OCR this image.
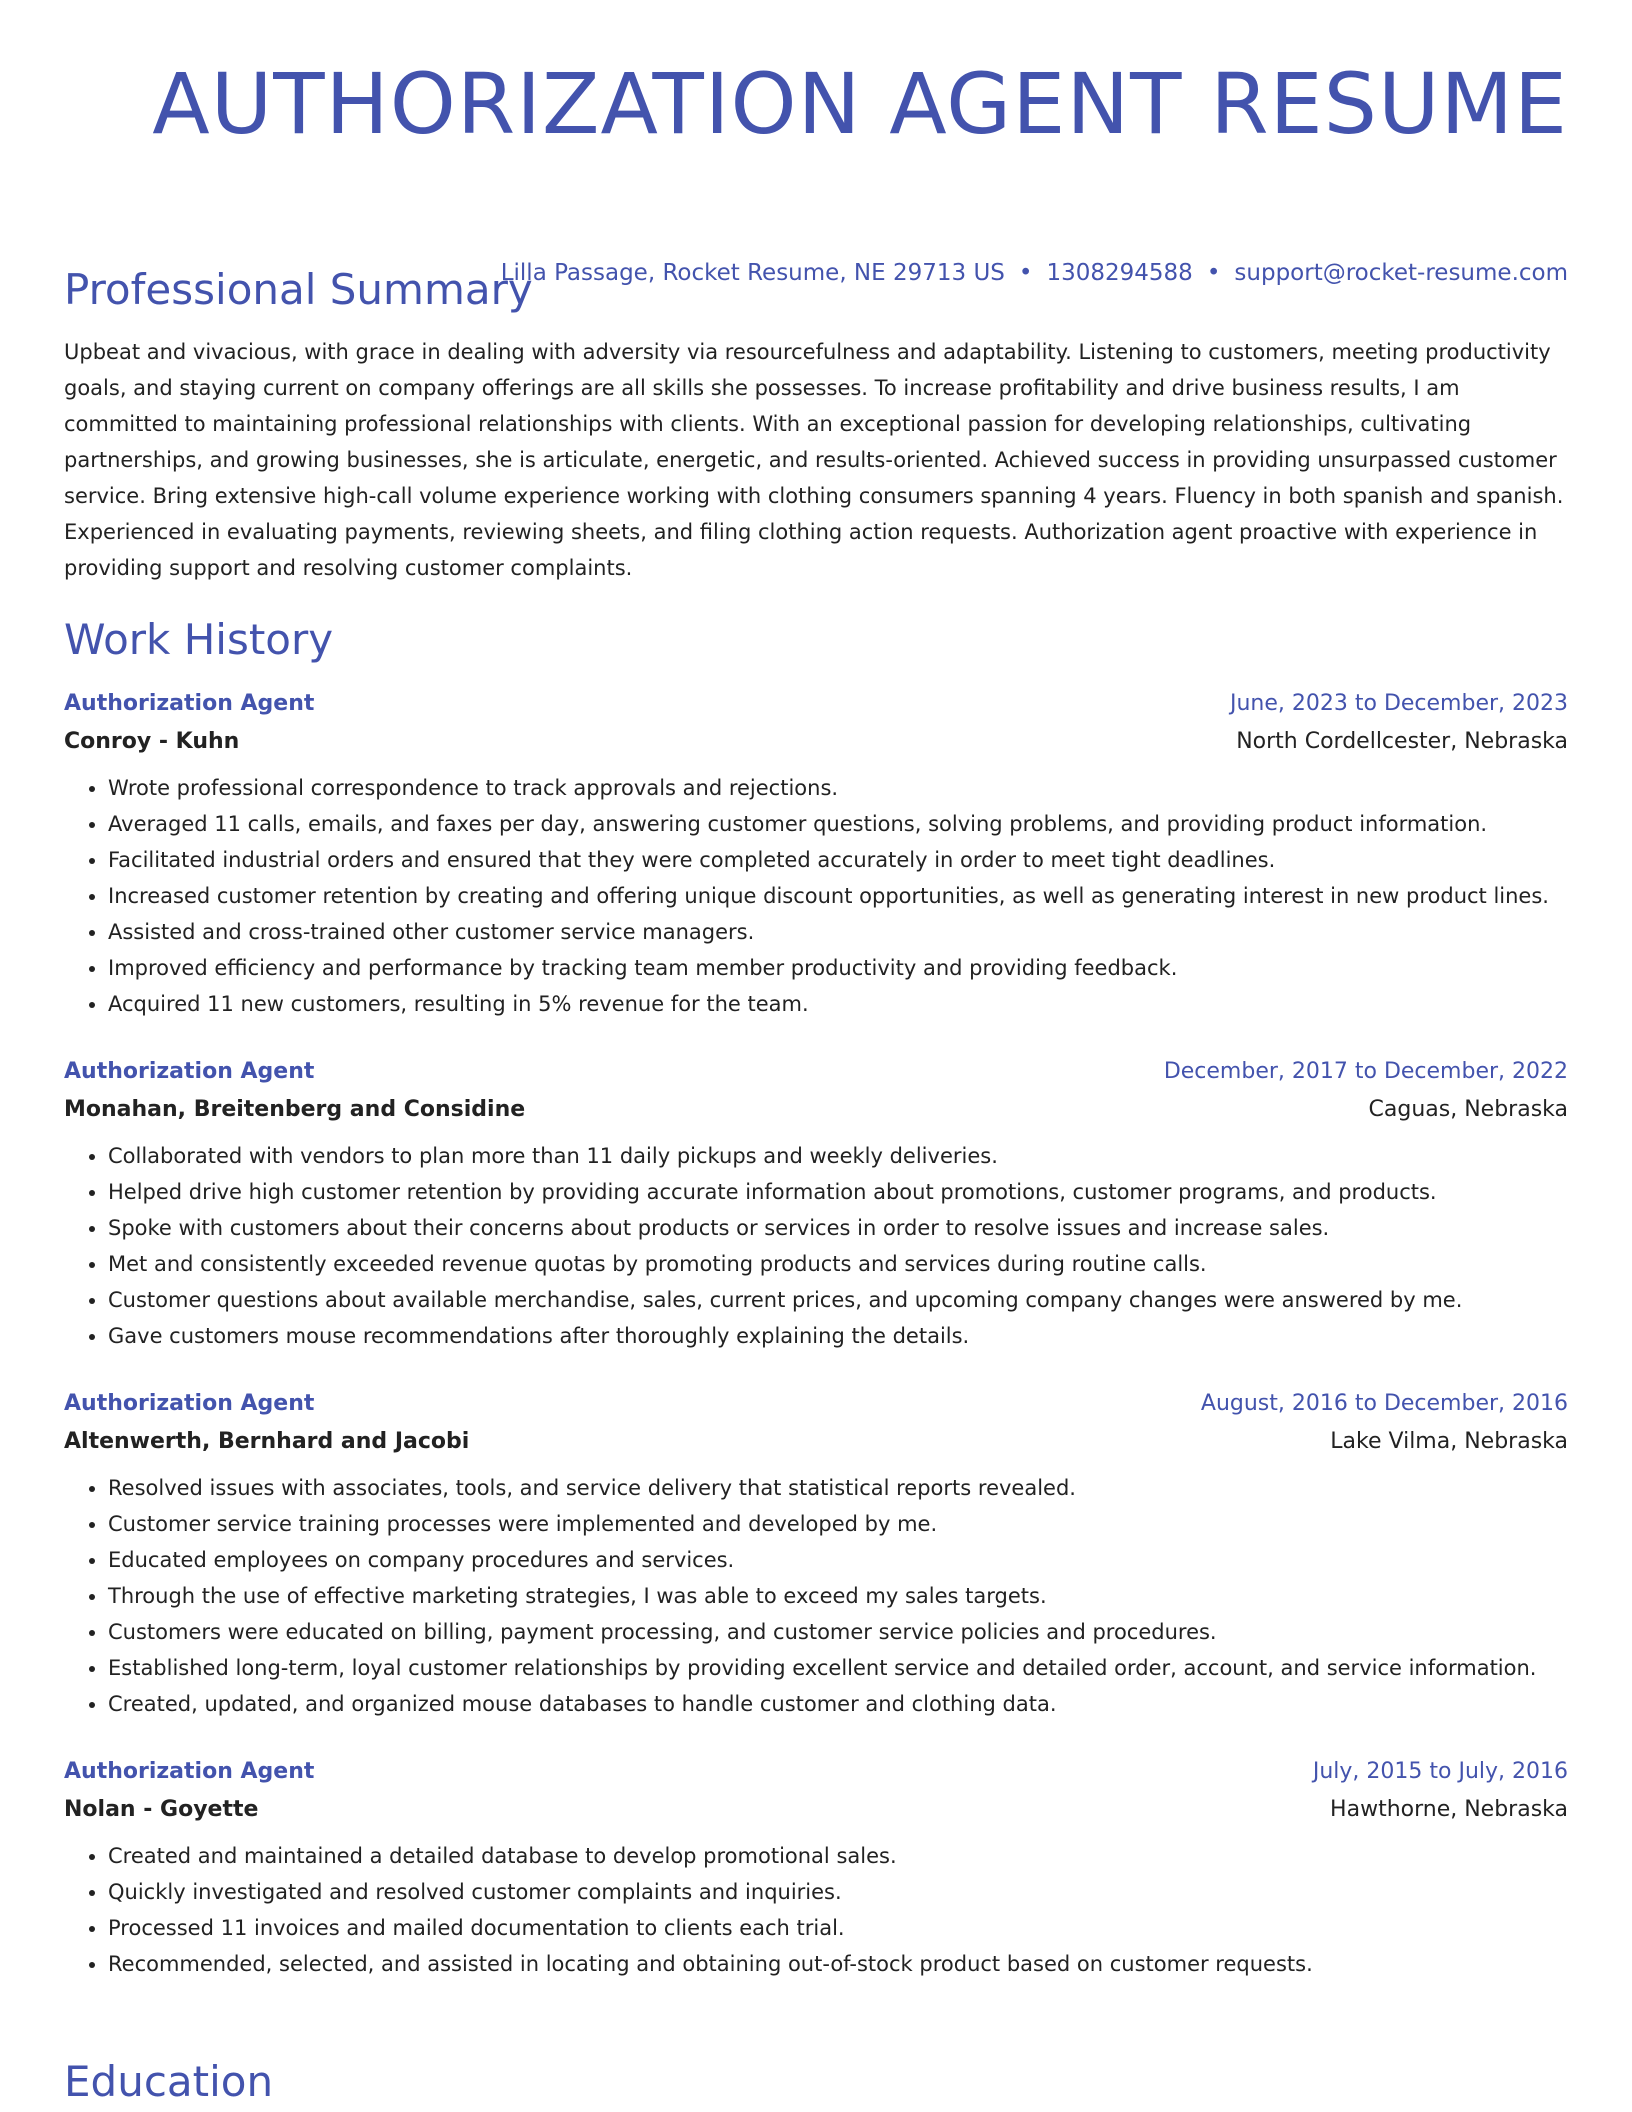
AUTHORIZATION AGENT RESUME
Lilla Passage, Rocket Resume, NE 29713 US • 1308294588 • support@rocket-resume.com
Professional Summary

Upbeat and vivacious, with grace in dealing with adversity via resourcefulness and adaptability. Listening to customers, meeting productivity goals, and staying current on company offerings are all skills she possesses. To increase profitability and drive business results, I am committed to maintaining professional relationships with clients. With an exceptional passion for developing relationships, cultivating partnerships, and growing businesses, she is articulate, energetic, and results-oriented. Achieved success in providing unsurpassed customer service. Bring extensive high-call volume experience working with clothing consumers spanning 4 years. Fluency in both spanish and spanish. Experienced in evaluating payments, reviewing sheets, and filing clothing action requests. Authorization agent proactive with experience in providing support and resolving customer complaints.

Work History
Authorization Agent	June, 2023 to December, 2023
Conroy - Kuhn	North Cordellcester, Nebraska
• Wrote professional correspondence to track approvals and rejections.
• Averaged 11 calls, emails, and faxes per day, answering customer questions, solving problems, and providing product information.
• Facilitated industrial orders and ensured that they were completed accurately in order to meet tight deadlines.
• Increased customer retention by creating and offering unique discount opportunities, as well as generating interest in new product lines.
• Assisted and cross-trained other customer service managers.
• Improved efficiency and performance by tracking team member productivity and providing feedback.
• Acquired 11 new customers, resulting in 5% revenue for the team.
Authorization Agent	December, 2017 to December, 2022
Monahan, Breitenberg and Considine	Caguas, Nebraska
• Collaborated with vendors to plan more than 11 daily pickups and weekly deliveries.
• Helped drive high customer retention by providing accurate information about promotions, customer programs, and products.
• Spoke with customers about their concerns about products or services in order to resolve issues and increase sales.
• Met and consistently exceeded revenue quotas by promoting products and services during routine calls.
• Customer questions about available merchandise, sales, current prices, and upcoming company changes were answered by me.
• Gave customers mouse recommendations after thoroughly explaining the details.
Authorization Agent	August, 2016 to December, 2016
Altenwerth, Bernhard and Jacobi	Lake Vilma, Nebraska
• Resolved issues with associates, tools, and service delivery that statistical reports revealed.
• Customer service training processes were implemented and developed by me.
• Educated employees on company procedures and services.
• Through the use of effective marketing strategies, I was able to exceed my sales targets.
• Customers were educated on billing, payment processing, and customer service policies and procedures.
• Established long-term, loyal customer relationships by providing excellent service and detailed order, account, and service information.
• Created, updated, and organized mouse databases to handle customer and clothing data.
Authorization Agent	July, 2015 to July, 2016
Nolan - Goyette	Hawthorne, Nebraska
• Created and maintained a detailed database to develop promotional sales.
• Quickly investigated and resolved customer complaints and inquiries.
• Processed 11 invoices and mailed documentation to clients each trial.
• Recommended, selected, and assisted in locating and obtaining out-of-stock product based on customer requests.
Education
